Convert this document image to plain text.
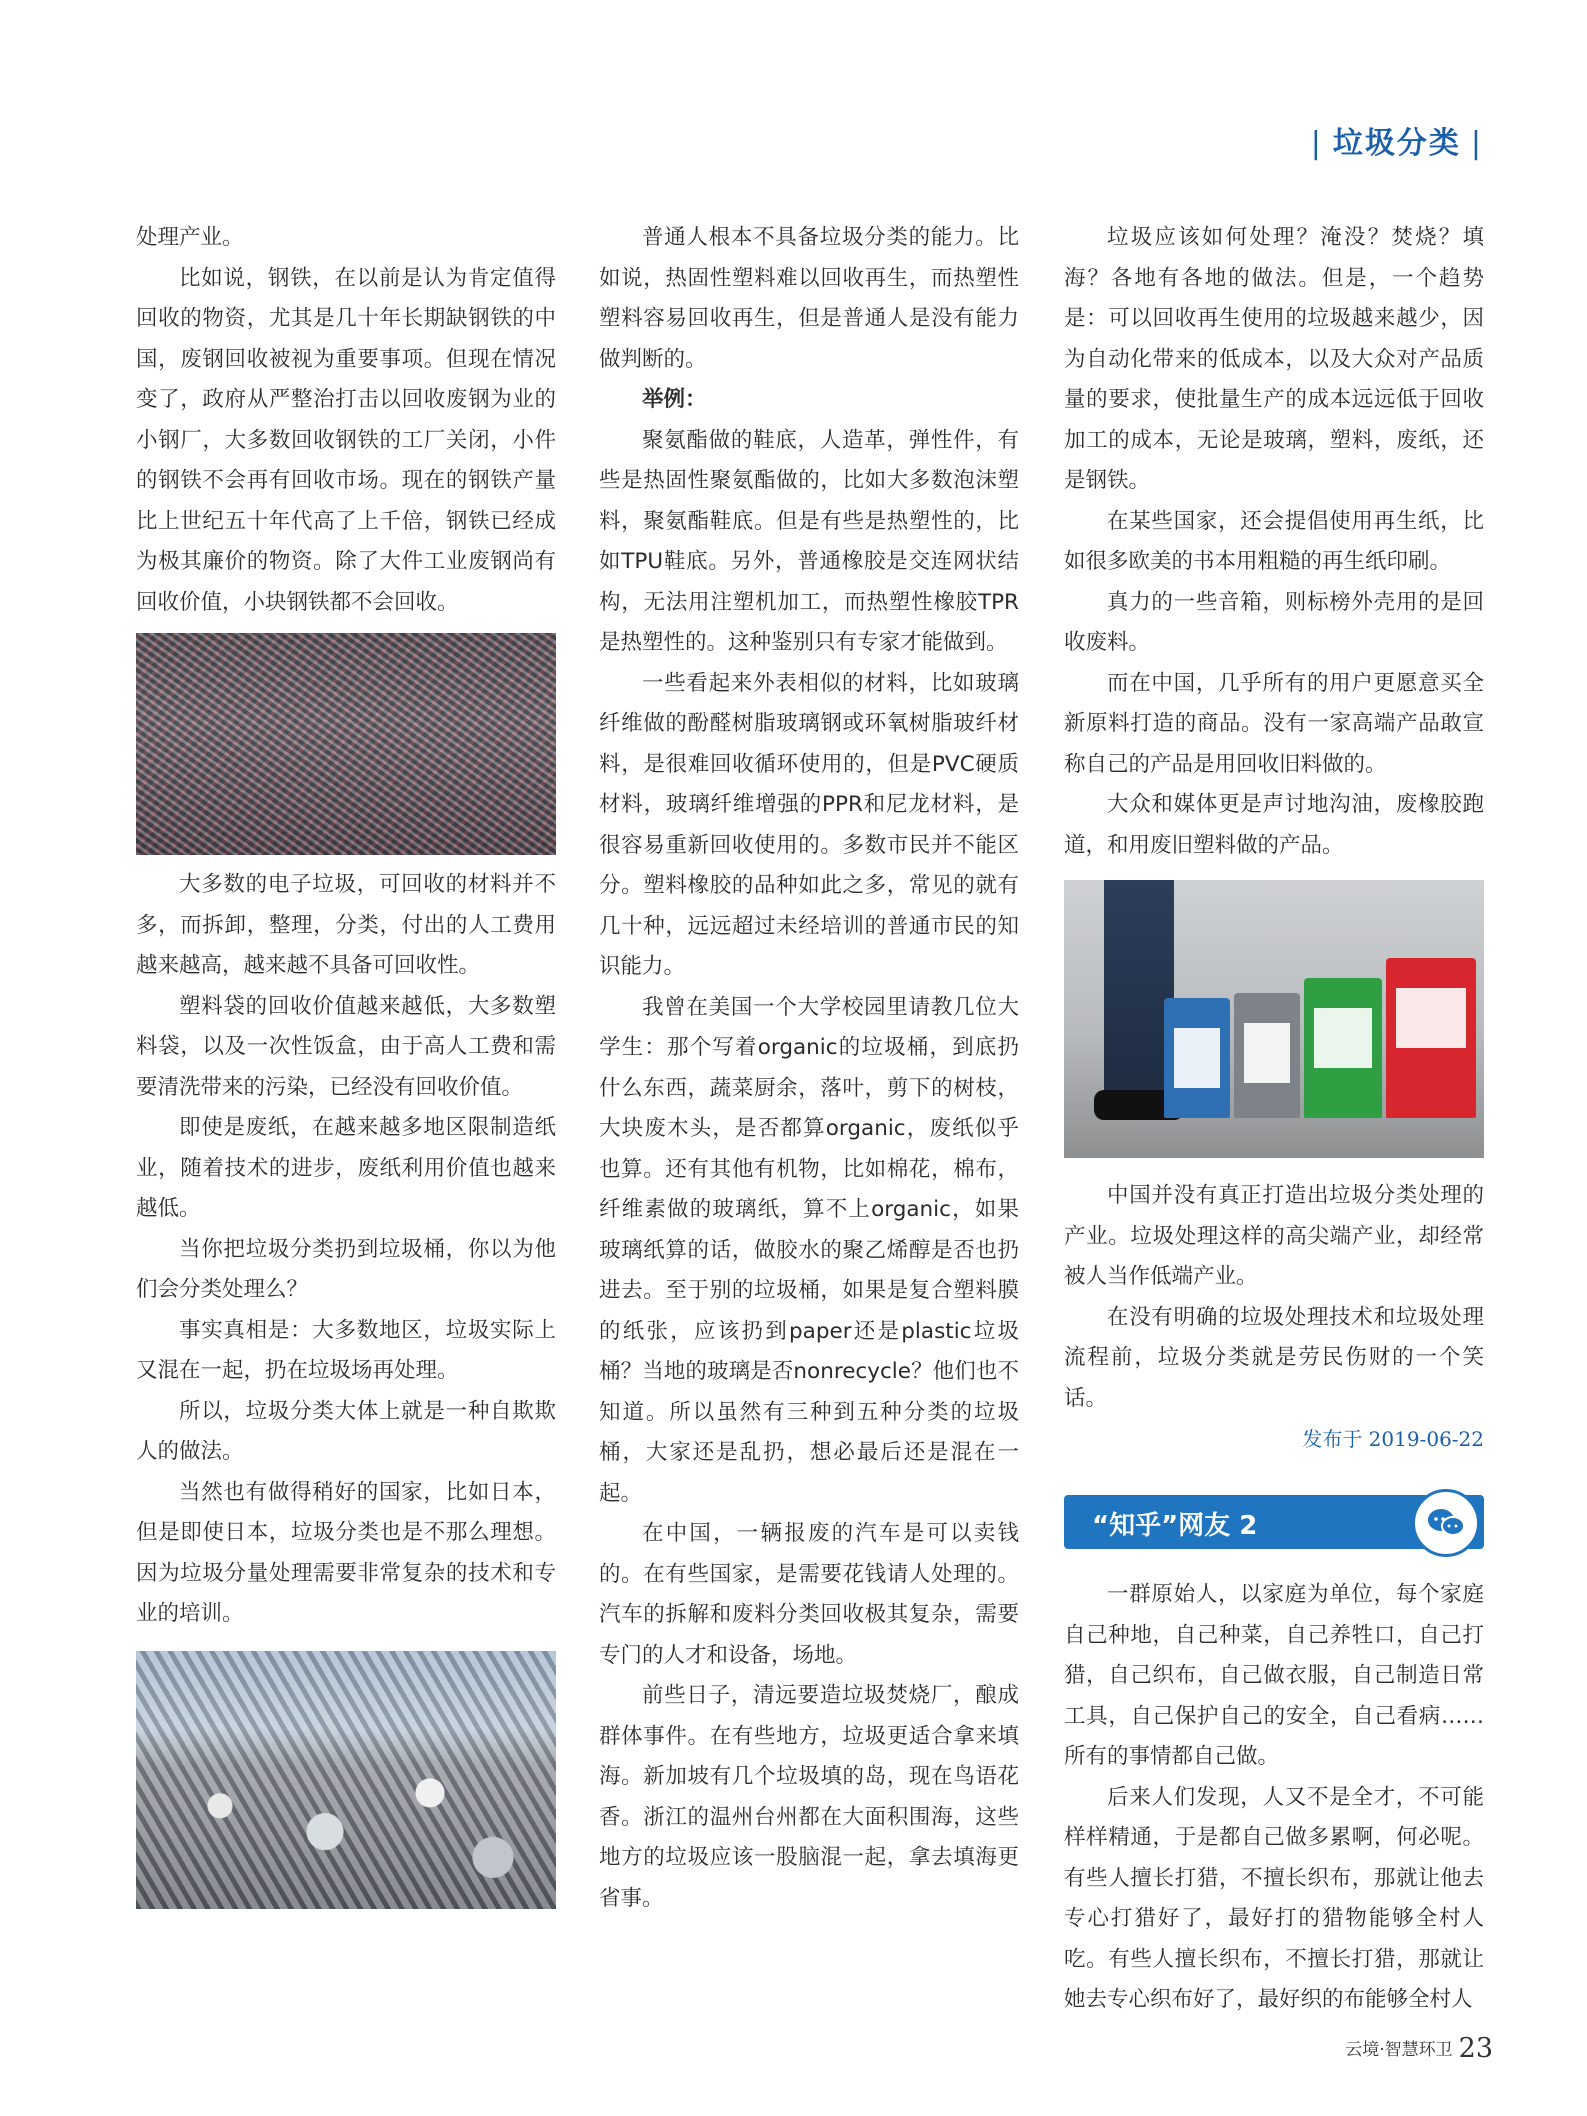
| 垃圾分类 |

处理产业。

比如说，钢铁，在以前是认为肯定值得回收的物资，尤其是几十年长期缺钢铁的中国，废钢回收被视为重要事项。但现在情况变了，政府从严整治打击以回收废钢为业的小钢厂，大多数回收钢铁的工厂关闭，小件的钢铁不会再有回收市场。现在的钢铁产量比上世纪五十年代高了上千倍，钢铁已经成为极其廉价的物资。除了大件工业废钢尚有回收价值，小块钢铁都不会回收。

大多数的电子垃圾，可回收的材料并不多，而拆卸，整理，分类，付出的人工费用越来越高，越来越不具备可回收性。

塑料袋的回收价值越来越低，大多数塑料袋，以及一次性饭盒，由于高人工费和需要清洗带来的污染，已经没有回收价值。

即使是废纸，在越来越多地区限制造纸业，随着技术的进步，废纸利用价值也越来越低。

当你把垃圾分类扔到垃圾桶，你以为他们会分类处理么？

事实真相是：大多数地区，垃圾实际上又混在一起，扔在垃圾场再处理。

所以，垃圾分类大体上就是一种自欺欺人的做法。

当然也有做得稍好的国家，比如日本，但是即使日本，垃圾分类也是不那么理想。因为垃圾分量处理需要非常复杂的技术和专业的培训。

普通人根本不具备垃圾分类的能力。比如说，热固性塑料难以回收再生，而热塑性塑料容易回收再生，但是普通人是没有能力做判断的。

举例：

聚氨酯做的鞋底，人造革，弹性件，有些是热固性聚氨酯做的，比如大多数泡沫塑料，聚氨酯鞋底。但是有些是热塑性的，比如TPU鞋底。另外，普通橡胶是交连网状结构，无法用注塑机加工，而热塑性橡胶TPR是热塑性的。这种鉴别只有专家才能做到。

一些看起来外表相似的材料，比如玻璃纤维做的酚醛树脂玻璃钢或环氧树脂玻纤材料，是很难回收循环使用的，但是PVC硬质材料，玻璃纤维增强的PPR和尼龙材料，是很容易重新回收使用的。多数市民并不能区分。塑料橡胶的品种如此之多，常见的就有几十种，远远超过未经培训的普通市民的知识能力。

我曾在美国一个大学校园里请教几位大学生：那个写着organic的垃圾桶，到底扔什么东西，蔬菜厨余，落叶，剪下的树枝，大块废木头，是否都算organic，废纸似乎也算。还有其他有机物，比如棉花，棉布，纤维素做的玻璃纸，算不上organic，如果玻璃纸算的话，做胶水的聚乙烯醇是否也扔进去。至于别的垃圾桶，如果是复合塑料膜的纸张，应该扔到paper还是plastic垃圾桶？当地的玻璃是否nonrecycle？他们也不知道。所以虽然有三种到五种分类的垃圾桶，大家还是乱扔，想必最后还是混在一起。

在中国，一辆报废的汽车是可以卖钱的。在有些国家，是需要花钱请人处理的。汽车的拆解和废料分类回收极其复杂，需要专门的人才和设备，场地。

前些日子，清远要造垃圾焚烧厂，酿成群体事件。在有些地方，垃圾更适合拿来填海。新加坡有几个垃圾填的岛，现在鸟语花香。浙江的温州台州都在大面积围海，这些地方的垃圾应该一股脑混一起，拿去填海更省事。

垃圾应该如何处理？淹没？焚烧？填海？各地有各地的做法。但是，一个趋势是：可以回收再生使用的垃圾越来越少，因为自动化带来的低成本，以及大众对产品质量的要求，使批量生产的成本远远低于回收加工的成本，无论是玻璃，塑料，废纸，还是钢铁。

在某些国家，还会提倡使用再生纸，比如很多欧美的书本用粗糙的再生纸印刷。

真力的一些音箱，则标榜外壳用的是回收废料。

而在中国，几乎所有的用户更愿意买全新原料打造的商品。没有一家高端产品敢宣称自己的产品是用回收旧料做的。

大众和媒体更是声讨地沟油，废橡胶跑道，和用废旧塑料做的产品。

中国并没有真正打造出垃圾分类处理的产业。垃圾处理这样的高尖端产业，却经常被人当作低端产业。

在没有明确的垃圾处理技术和垃圾处理流程前，垃圾分类就是劳民伤财的一个笑话。

发布于 2019-06-22
“知乎”网友 2

一群原始人，以家庭为单位，每个家庭自己种地，自己种菜，自己养牲口，自己打猎，自己织布，自己做衣服，自己制造日常工具，自己保护自己的安全，自己看病……所有的事情都自己做。

后来人们发现，人又不是全才，不可能样样精通，于是都自己做多累啊，何必呢。有些人擅长打猎，不擅长织布，那就让他去专心打猎好了，最好打的猎物能够全村人吃。有些人擅长织布，不擅长打猎，那就让她去专心织布好了，最好织的布能够全村人

云境·智慧环卫 23
